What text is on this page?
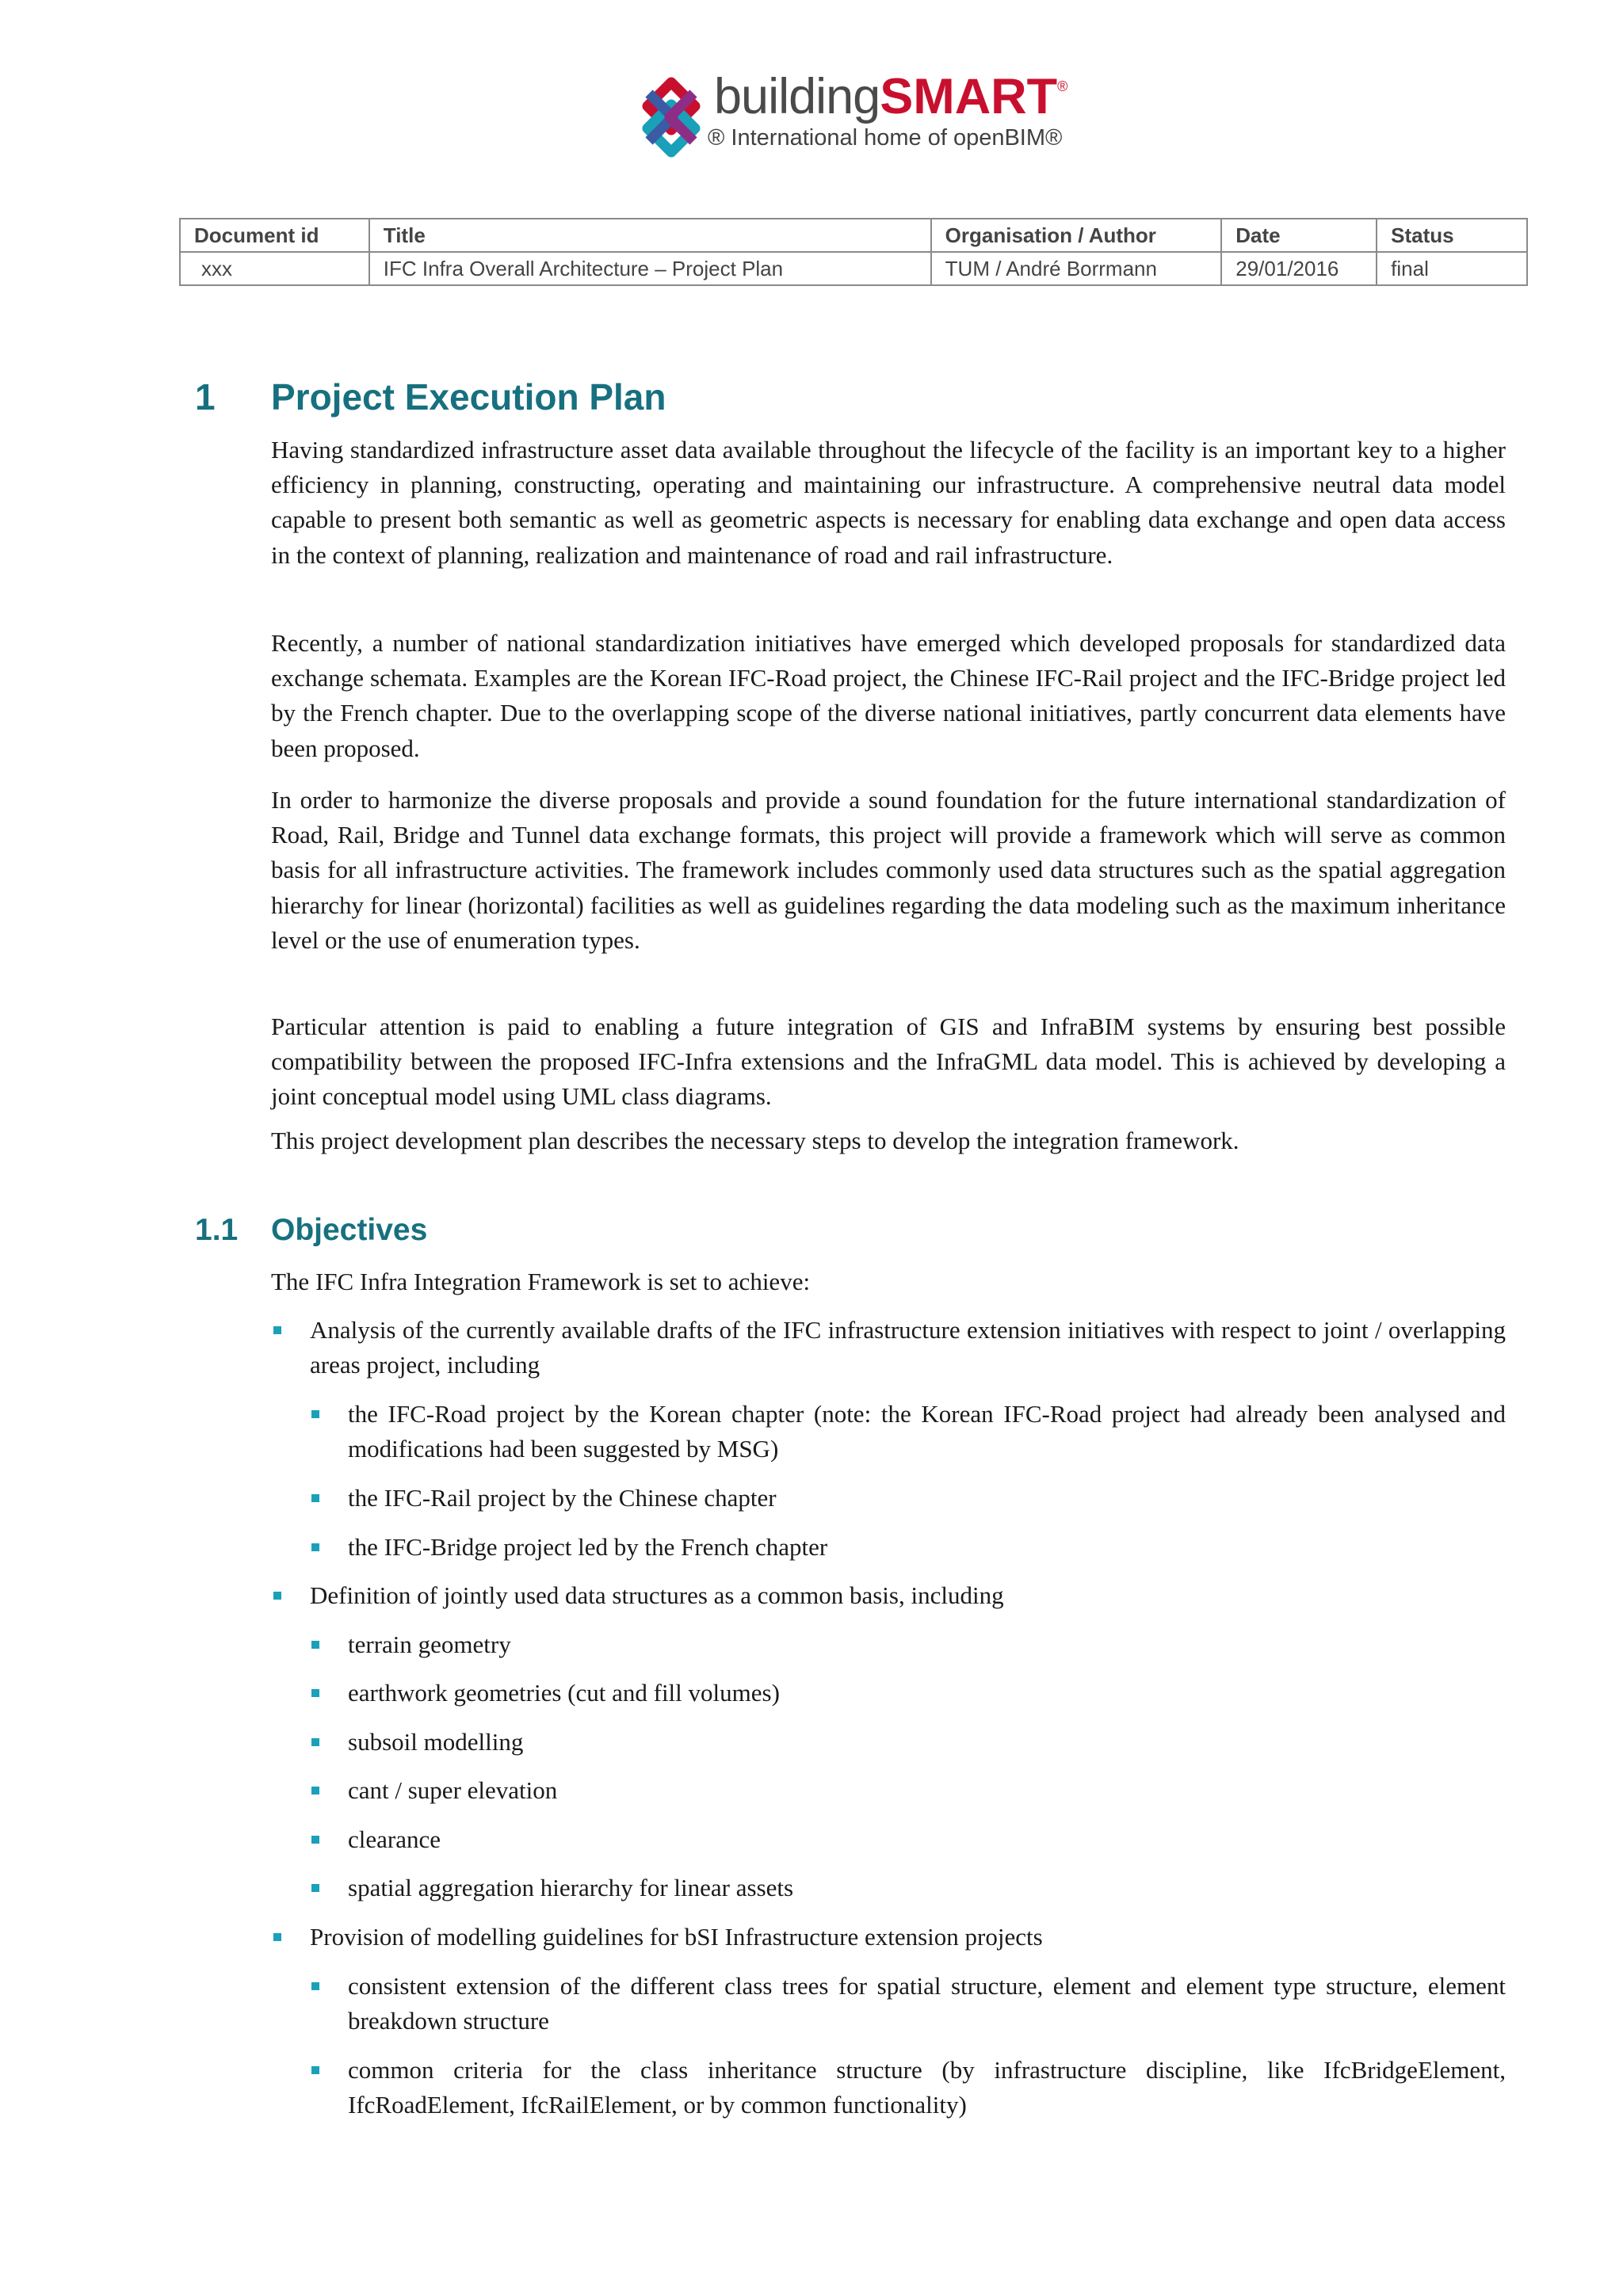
buildingSMART®
® International home of openBIM®
Document id	Title	Organisation / Author	Date	Status
xxx	IFC Infra Overall Architecture – Project Plan	TUM / André Borrmann	29/01/2016	final
1 Project Execution Plan
Having standardized infrastructure asset data available throughout the lifecycle of the facility is an important key to a higher efficiency in planning, constructing, operating and maintaining our infrastructure. A comprehensive neutral data model capable to present both semantic as well as geometric aspects is necessary for enabling data exchange and open data access in the context of planning, realization and maintenance of road and rail infrastructure.
Recently, a number of national standardization initiatives have emerged which developed proposals for standardized data exchange schemata. Examples are the Korean IFC-Road project, the Chinese IFC-Rail project and the IFC-Bridge project led by the French chapter. Due to the overlapping scope of the diverse national initiatives, partly concurrent data elements have been proposed.
In order to harmonize the diverse proposals and provide a sound foundation for the future international standardization of Road, Rail, Bridge and Tunnel data exchange formats, this project will provide a framework which will serve as common basis for all infrastructure activities. The framework includes commonly used data structures such as the spatial aggregation hierarchy for linear (horizontal) facilities as well as guidelines regarding the data modeling such as the maximum inheritance level or the use of enumeration types.
Particular attention is paid to enabling a future integration of GIS and InfraBIM systems by ensuring best possible compatibility between the proposed IFC-Infra extensions and the InfraGML data model. This is achieved by developing a joint conceptual model using UML class diagrams.
This project development plan describes the necessary steps to develop the integration framework.
1.1 Objectives
The IFC Infra Integration Framework is set to achieve:
Analysis of the currently available drafts of the IFC infrastructure extension initiatives with respect to joint / overlapping areas project, including
the IFC-Road project by the Korean chapter (note: the Korean IFC-Road project had already been analysed and modifications had been suggested by MSG)
the IFC-Rail project by the Chinese chapter
the IFC-Bridge project led by the French chapter
Definition of jointly used data structures as a common basis, including
terrain geometry
earthwork geometries (cut and fill volumes)
subsoil modelling
cant / super elevation
clearance
spatial aggregation hierarchy for linear assets
Provision of modelling guidelines for bSI Infrastructure extension projects
consistent extension of the different class trees for spatial structure, element and element type structure, element breakdown structure
common criteria for the class inheritance structure (by infrastructure discipline, like IfcBridgeElement, IfcRoadElement, IfcRailElement, or by common functionality)
